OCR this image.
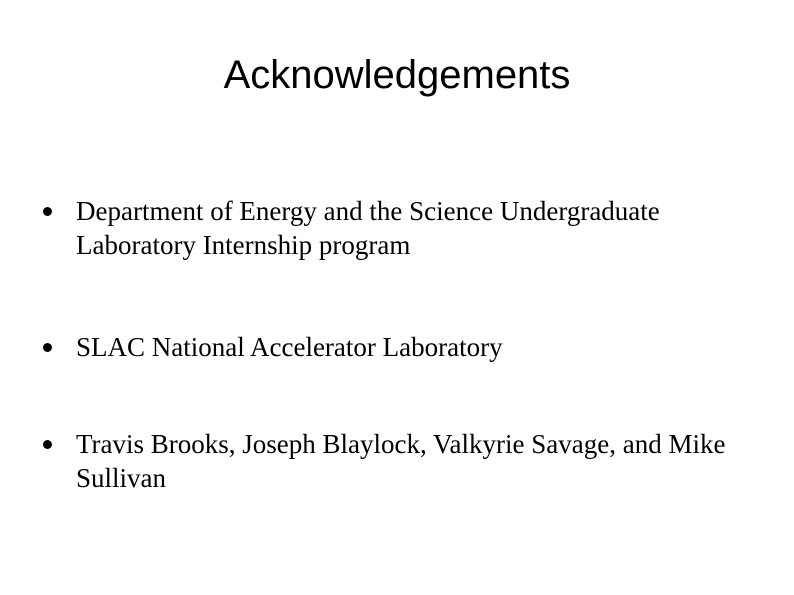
Acknowledgements
Department of Energy and the Science Undergraduate Laboratory Internship program
SLAC National Accelerator Laboratory
Travis Brooks, Joseph Blaylock, Valkyrie Savage, and Mike Sullivan
